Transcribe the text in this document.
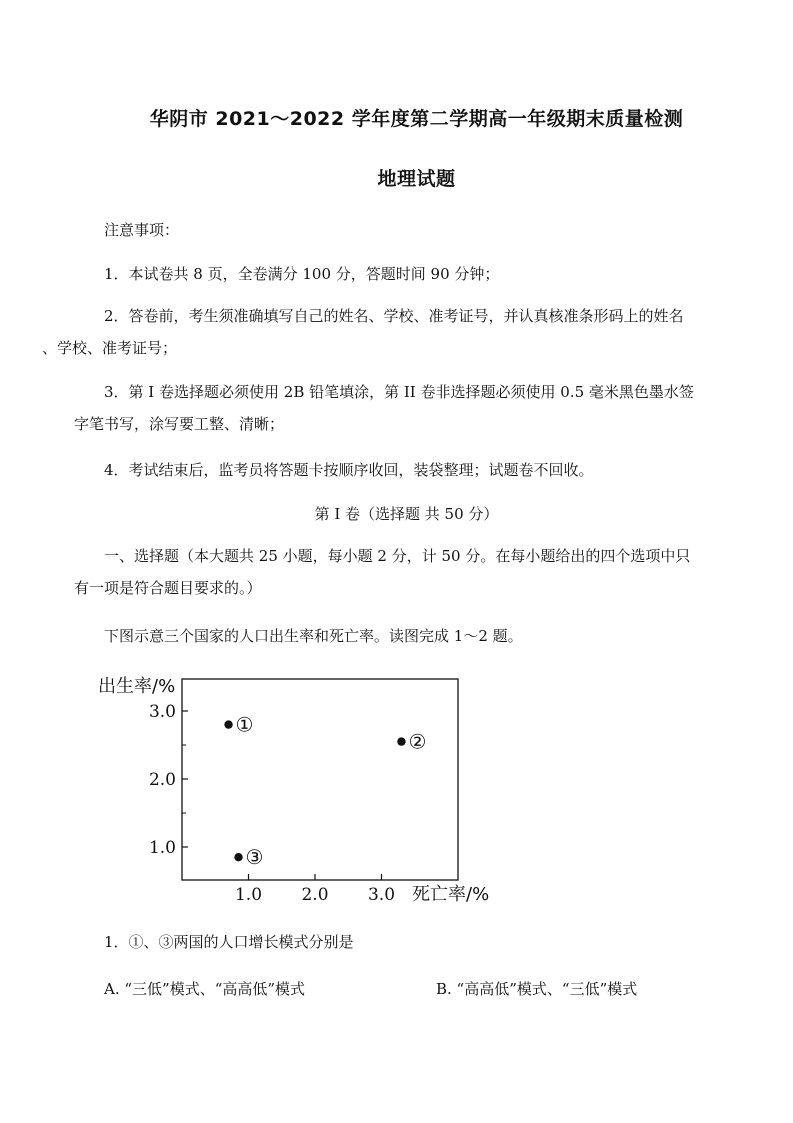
华阴市 2021～2022 学年度第二学期高一年级期末质量检测
地理试题
注意事项：
1．本试卷共 8 页，全卷满分 100 分，答题时间 90 分钟；
2．答卷前，考生须准确填写自己的姓名、学校、准考证号，并认真核准条形码上的姓名
、学校、准考证号；
3．第 I 卷选择题必须使用 2B 铅笔填涂，第 II 卷非选择题必须使用 0.5 毫米黑色墨水签
字笔书写，涂写要工整、清晰；
4．考试结束后，监考员将答题卡按顺序收回，装袋整理；试题卷不回收。
第 I 卷（选择题 共 50 分）
一、选择题（本大题共 25 小题，每小题 2 分，计 50 分。在每小题给出的四个选项中只
有一项是符合题目要求的。）
下图示意三个国家的人口出生率和死亡率。读图完成 1～2 题。
1.0
2.0
3.0
1.0 2.0 3.0
出生率/%
死亡率/%
①
②
③
1．①、③两国的人口增长模式分别是
A. “三低”模式、“高高低”模式	B. “高高低”模式、“三低”模式
